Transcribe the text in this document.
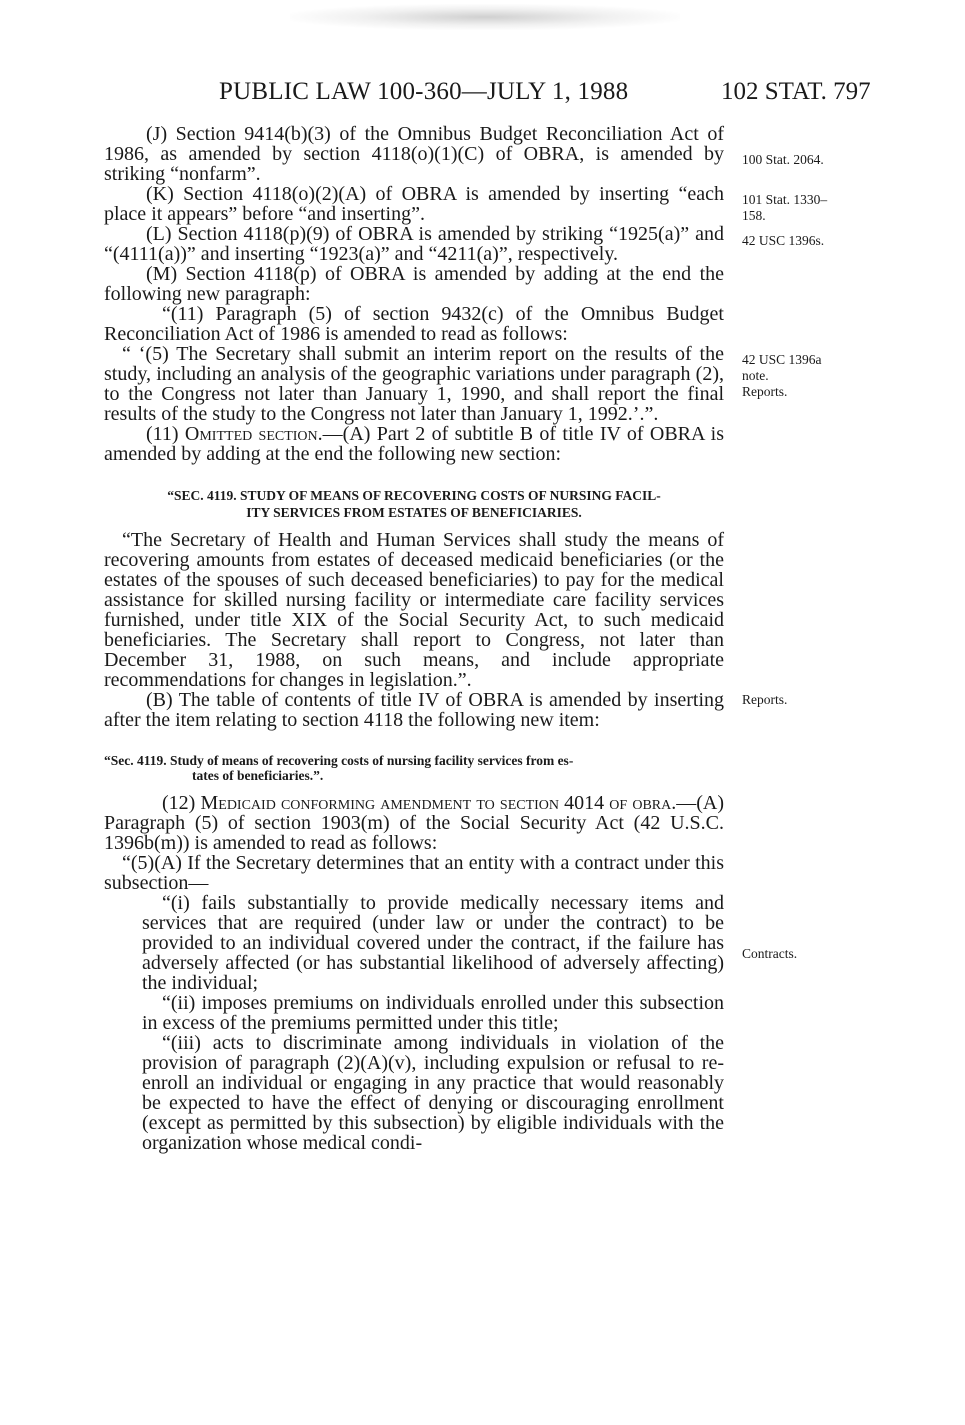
PUBLIC LAW 100-360—JULY 1, 1988	102 STAT. 797

(J) Section 9414(b)(3) of the Omnibus Budget Reconciliation Act of 1986, as amended by section 4118(o)(1)(C) of OBRA, is amended by striking “nonfarm”.

(K) Section 4118(o)(2)(A) of OBRA is amended by inserting “each place it appears” before “and inserting”.

(L) Section 4118(p)(9) of OBRA is amended by striking “1925(a)” and “(4111(a))” and inserting “1923(a)” and “4211(a)”, respectively.

(M) Section 4118(p) of OBRA is amended by adding at the end the following new paragraph:

“(11) Paragraph (5) of section 9432(c) of the Omnibus Budget Reconciliation Act of 1986 is amended to read as follows:

“ ‘(5) The Secretary shall submit an interim report on the results of the study, including an analysis of the geographic variations under paragraph (2), to the Congress not later than January 1, 1990, and shall report the final results of the study to the Congress not later than January 1, 1992.’.”.

(11) Omitted section.—(A) Part 2 of subtitle B of title IV of OBRA is amended by adding at the end the following new section:

“SEC. 4119. STUDY OF MEANS OF RECOVERING COSTS OF NURSING FACIL-

ITY SERVICES FROM ESTATES OF BENEFICIARIES.

“The Secretary of Health and Human Services shall study the means of recovering amounts from estates of deceased medicaid beneficiaries (or the estates of the spouses of such deceased beneficiaries) to pay for the medical assistance for skilled nursing facility or intermediate care facility services furnished, under title XIX of the Social Security Act, to such medicaid beneficiaries. The Secretary shall report to Congress, not later than December 31, 1988, on such means, and include appropriate recommendations for changes in legislation.”.

(B) The table of contents of title IV of OBRA is amended by inserting after the item relating to section 4118 the following new item:

“Sec. 4119. Study of means of recovering costs of nursing facility services from es-
tates of beneficiaries.”.

(12) Medicaid conforming amendment to section 4014 of obra.—(A) Paragraph (5) of section 1903(m) of the Social Security Act (42 U.S.C. 1396b(m)) is amended to read as follows:

“(5)(A) If the Secretary determines that an entity with a contract under this subsection—

“(i) fails substantially to provide medically necessary items and services that are required (under law or under the contract) to be provided to an individual covered under the contract, if the failure has adversely affected (or has substantial likelihood of adversely affecting) the individual;

“(ii) imposes premiums on individuals enrolled under this subsection in excess of the premiums permitted under this title;

“(iii) acts to discriminate among individuals in violation of the provision of paragraph (2)(A)(v), including expulsion or refusal to re-enroll an individual or engaging in any practice that would reasonably be expected to have the effect of denying or discouraging enrollment (except as permitted by this subsection) by eligible individuals with the organization whose medical condi-

100 Stat. 2064.
101 Stat. 1330–
158.
42 USC 1396s.
42 USC 1396a
note.
Reports.
Reports.
Contracts.
